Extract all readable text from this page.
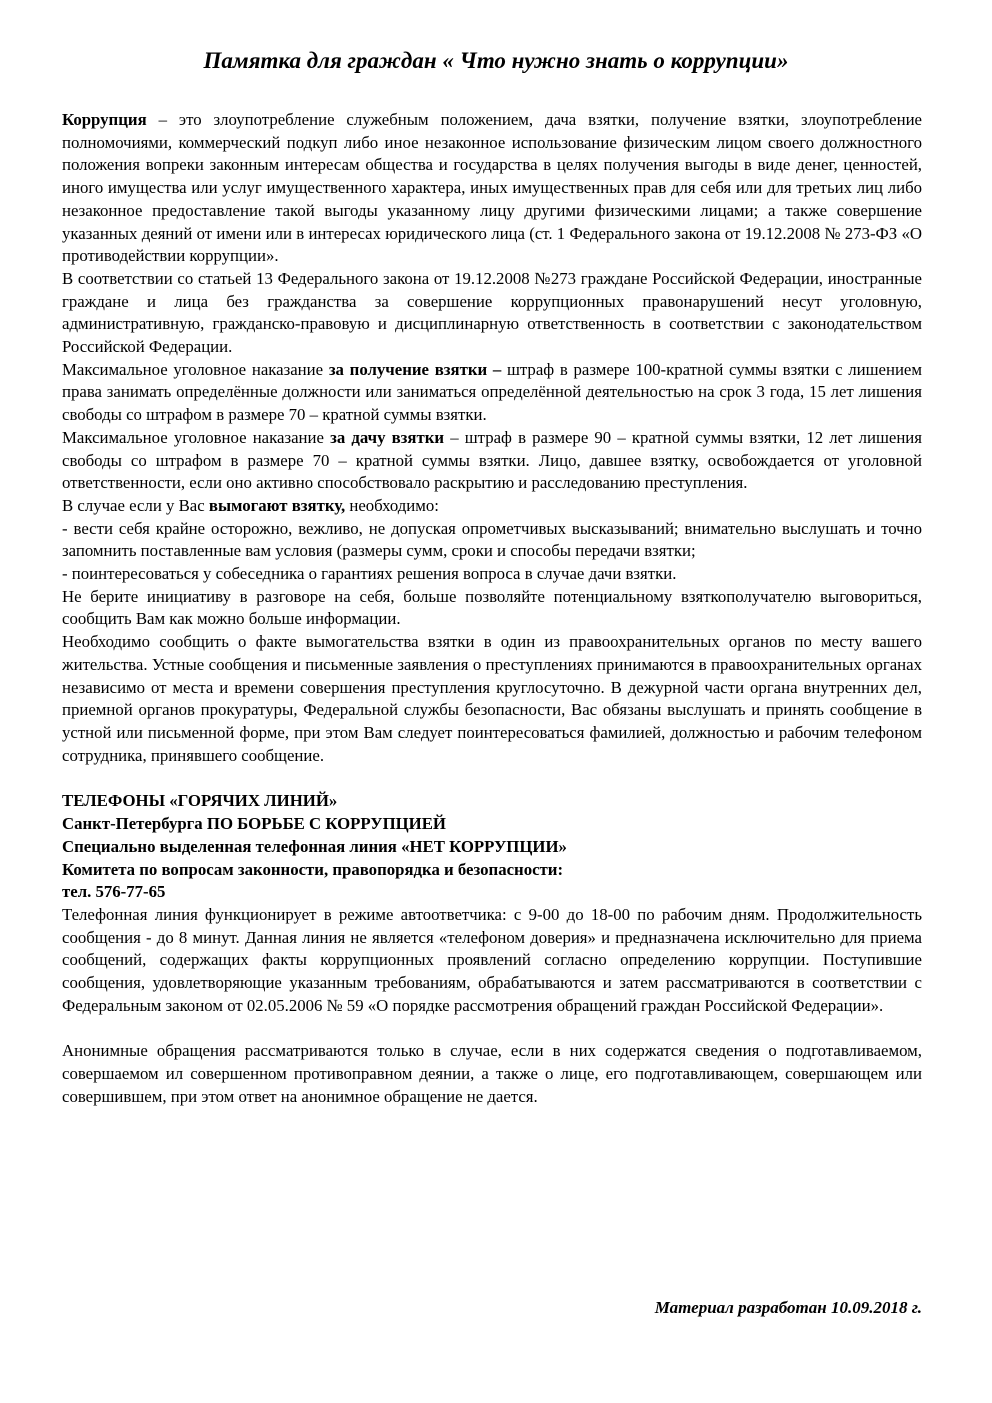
Памятка для граждан « Что нужно знать о коррупции»

Коррупция – это злоупотребление служебным положением, дача взятки, получение взятки, злоупотребление полномочиями, коммерческий подкуп либо иное незаконное использование физическим лицом своего должностного положения вопреки законным интересам общества и государства в целях получения выгоды в виде денег, ценностей, иного имущества или услуг имущественного характера, иных имущественных прав для себя или для третьих лиц либо незаконное предоставление такой выгоды указанному лицу другими физическими лицами; а также совершение указанных деяний от имени или в интересах юридического лица (ст. 1 Федерального закона от 19.12.2008 № 273-ФЗ «О противодействии коррупции».

В соответствии со статьей 13 Федерального закона от 19.12.2008 №273 граждане Российской Федерации, иностранные граждане и лица без гражданства за совершение коррупционных правонарушений несут уголовную, административную, гражданско-правовую и дисциплинарную ответственность в соответствии с законодательством Российской Федерации.

Максимальное уголовное наказание за получение взятки – штраф в размере 100-кратной суммы взятки с лишением права занимать определённые должности или заниматься определённой деятельностью на срок 3 года, 15 лет лишения свободы со штрафом в размере 70 – кратной суммы взятки.

Максимальное уголовное наказание за дачу взятки – штраф в размере 90 – кратной суммы взятки, 12 лет лишения свободы со штрафом в размере 70 – кратной суммы взятки. Лицо, давшее взятку, освобождается от уголовной ответственности, если оно активно способствовало раскрытию и расследованию преступления.

В случае если у Вас вымогают взятку, необходимо:

- вести себя крайне осторожно, вежливо, не допуская опрометчивых высказываний; внимательно выслушать и точно запомнить поставленные вам условия (размеры сумм, сроки и способы передачи взятки;

- поинтересоваться у собеседника о гарантиях решения вопроса в случае дачи взятки.

Не берите инициативу в разговоре на себя, больше позволяйте потенциальному взяткополучателю выговориться, сообщить Вам как можно больше информации.

Необходимо сообщить о факте вымогательства взятки в один из правоохранительных органов по месту вашего жительства. Устные сообщения и письменные заявления о преступлениях принимаются в правоохранительных органах независимо от места и времени совершения преступления круглосуточно. В дежурной части органа внутренних дел, приемной органов прокуратуры, Федеральной службы безопасности, Вас обязаны выслушать и принять сообщение в устной или письменной форме, при этом Вам следует поинтересоваться фамилией, должностью и рабочим телефоном сотрудника, принявшего сообщение.

ТЕЛЕФОНЫ «ГОРЯЧИХ ЛИНИЙ»

Санкт-Петербурга ПО БОРЬБЕ С КОРРУПЦИЕЙ

Специально выделенная телефонная линия «НЕТ КОРРУПЦИИ»

Комитета по вопросам законности, правопорядка и безопасности:

тел. 576-77-65

Телефонная линия функционирует в режиме автоответчика: с 9-00 до 18-00 по рабочим дням. Продолжительность сообщения - до 8 минут. Данная линия не является «телефоном доверия» и предназначена исключительно для приема сообщений, содержащих факты коррупционных проявлений согласно определению коррупции. Поступившие сообщения, удовлетворяющие указанным требованиям, обрабатываются и затем рассматриваются в соответствии с Федеральным законом от 02.05.2006 № 59 «О порядке рассмотрения обращений граждан Российской Федерации».

Анонимные обращения рассматриваются только в случае, если в них содержатся сведения о подготавливаемом, совершаемом ил совершенном противоправном деянии, а также о лице, его подготавливающем, совершающем или совершившем, при этом ответ на анонимное обращение не дается.

Материал разработан 10.09.2018 г.
